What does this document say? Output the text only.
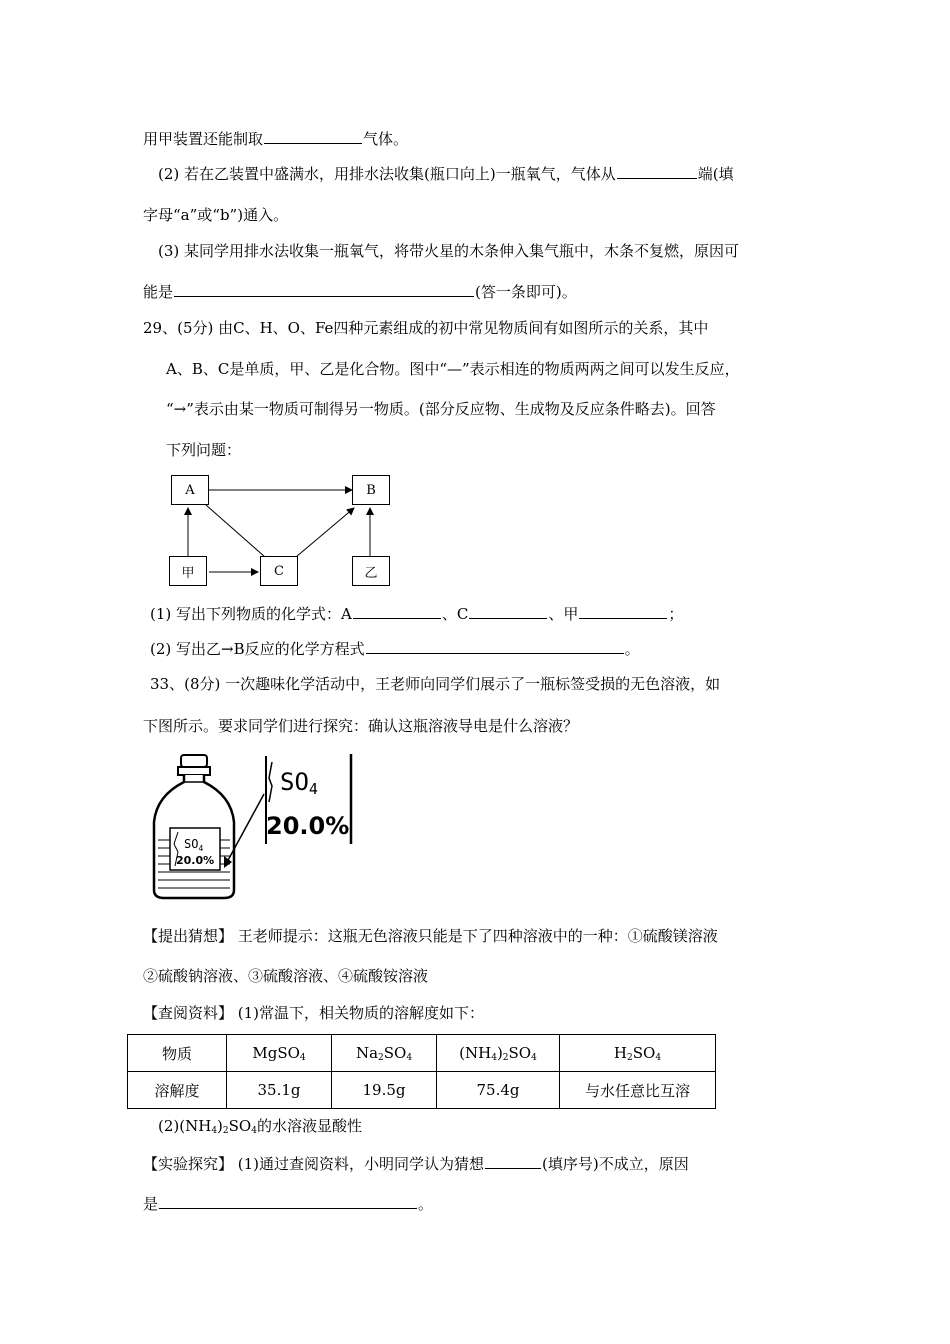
用甲装置还能制取	气体。
(2) 若在乙装置中盛满水，用排水法收集(瓶口向上)一瓶氧气，气体从	端(填
字母“a”或“b”)通入。
(3) 某同学用排水法收集一瓶氧气，将带火星的木条伸入集气瓶中，木条不复燃，原因可
能是	(答一条即可)。
29、(5分) 由C、H、O、Fe四种元素组成的初中常见物质间有如图所示的关系，其中
A、B、C是单质，甲、乙是化合物。图中“—”表示相连的物质两两之间可以发生反应，
“→”表示由某一物质可制得另一物质。(部分反应物、生成物及反应条件略去)。回答
下列问题：
A	B
甲	C	乙
(1) 写出下列物质的化学式：A	、C	、甲	；
(2) 写出乙→B反应的化学方程式	。
33、(8分) 一次趣味化学活动中，王老师向同学们展示了一瓶标签受损的无色溶液，如
下图所示。要求同学们进行探究：确认这瓶溶液导电是什么溶液？
$SO_4$
20.0%
SO4
20.0%
【提出猜想】 王老师提示：这瓶无色溶液只能是下了四种溶液中的一种：①硫酸镁溶液
②硫酸钠溶液、③硫酸溶液、④硫酸铵溶液
【查阅资料】 (1)常温下，相关物质的溶解度如下：
物质	MgSO$_4$	$Na_2SO_4$	$(NH_4)_2SO_4$	$H_2SO_4$
溶解度	35.1g	19.5g	75.4g	与水任意比互溶
$(2)(NH_4)_2SO_4$的水溶液显酸性
【实验探究】 (1)通过查阅资料，小明同学认为猜想	(填序号)不成立，原因
是	。
